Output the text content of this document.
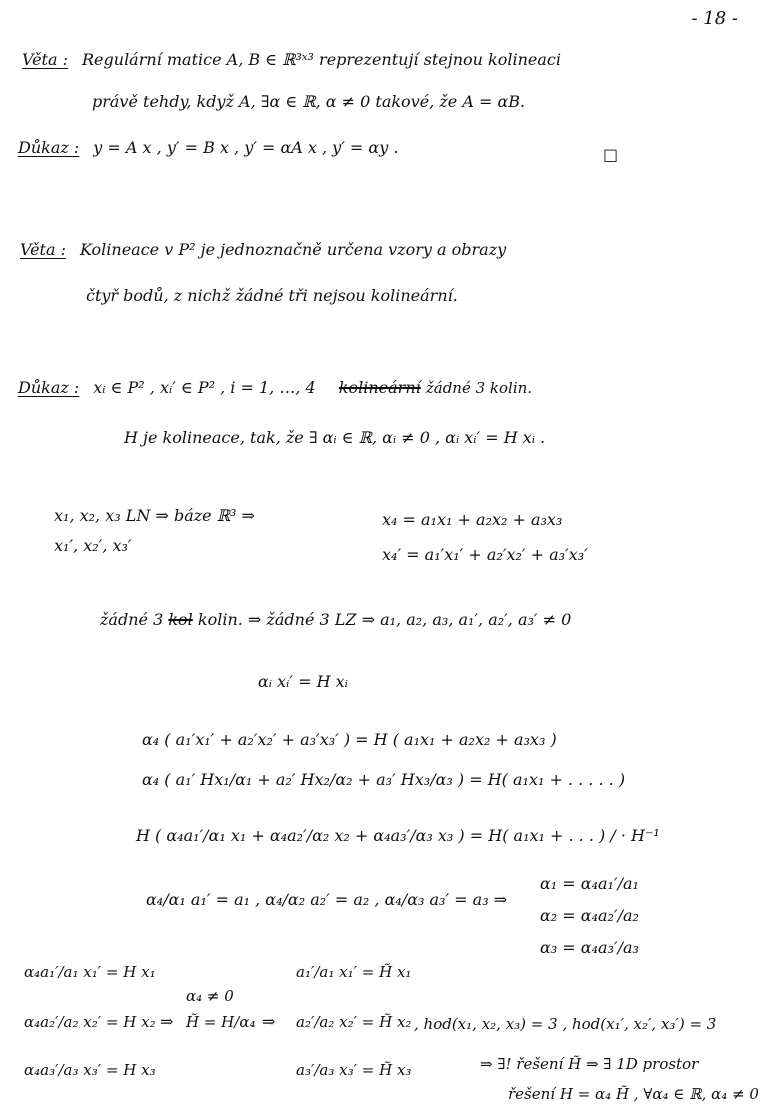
- 18 -
Věta : Regulární matice A, B ∈ ℝ³ˣ³ reprezentují stejnou kolineaci
právě tehdy, když A, ∃α ∈ ℝ, α ≠ 0 takové, že A = αB.
Důkaz : y = A x , y′ = B x , y′ = αA x , y′ = αy .	□
Věta : Kolineace v P² je jednoznačně určena vzory a obrazy
čtyř bodů, z nichž žádné tři nejsou kolineární.
Důkaz : xᵢ ∈ P² , xᵢ′ ∈ P² , i = 1, …, 4 kolineární žádné 3 kolin.
H je kolineace, tak, že ∃ αᵢ ∈ ℝ, αᵢ ≠ 0 , αᵢ xᵢ′ = H xᵢ .
x₁, x₂, x₃ LN ⇒ báze ℝ³ ⇒
x₁′, x₂′, x₃′
x₄ = a₁x₁ + a₂x₂ + a₃x₃
x₄′ = a₁′x₁′ + a₂′x₂′ + a₃′x₃′
žádné 3 kol kolin. ⇒ žádné 3 LZ ⇒ a₁, a₂, a₃, a₁′, a₂′, a₃′ ≠ 0
αᵢ xᵢ′ = H xᵢ
α₄ ( a₁′x₁′ + a₂′x₂′ + a₃′x₃′ ) = H ( a₁x₁ + a₂x₂ + a₃x₃ )
α₄ ( a₁′ Hx₁/α₁ + a₂′ Hx₂/α₂ + a₃′ Hx₃/α₃ ) = H( a₁x₁ + . . . . . )
H ( α₄a₁′/α₁ x₁ + α₄a₂′/α₂ x₂ + α₄a₃′/α₃ x₃ ) = H( a₁x₁ + . . . ) / · H⁻¹
α₄/α₁ a₁′ = a₁ , α₄/α₂ a₂′ = a₂ , α₄/α₃ a₃′ = a₃ ⇒
α₁ = α₄a₁′/a₁
α₂ = α₄a₂′/a₂
α₃ = α₄a₃′/a₃
α₄a₁′/a₁ x₁′ = H x₁
α₄a₂′/a₂ x₂′ = H x₂
α₄a₃′/a₃ x₃′ = H x₃
α₄ ≠ 0
⇒ H̃ = H/α₄ ⇒
a₁′/a₁ x₁′ = H̃ x₁
a₂′/a₂ x₂′ = H̃ x₂
a₃′/a₃ x₃′ = H̃ x₃
, hod(x₁, x₂, x₃) = 3 , hod(x₁′, x₂′, x₃′) = 3
⇒ ∃! řešení H̃ ⇒ ∃ 1D prostor
řešení H = α₄ H̃ , ∀α₄ ∈ ℝ, α₄ ≠ 0
